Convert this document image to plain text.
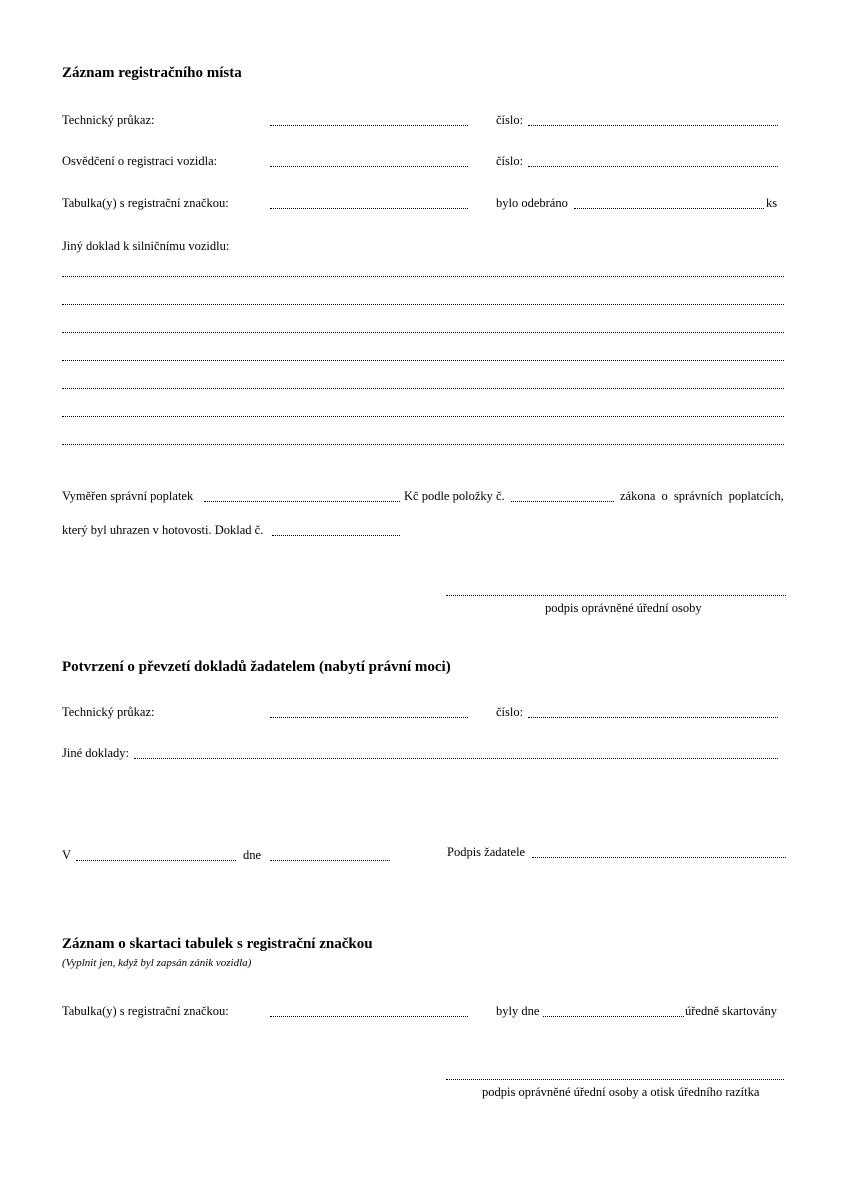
Záznam registračního místa
Technický průkaz:	číslo:
Osvědčení o registraci vozidla:	číslo:
Tabulka(y) s registrační značkou:	bylo odebráno	ks
Jiný doklad k silničnímu vozidlu:
Vyměřen správní poplatek	Kč podle položky č.	zákona o správních poplatcích,
který byl uhrazen v hotovosti. Doklad č.
podpis oprávněné úřední osoby
Potvrzení o převzetí dokladů žadatelem (nabytí právní moci)
Technický průkaz:	číslo:
Jiné doklady:
V	dne	Podpis žadatele
Záznam o skartaci tabulek s registrační značkou
(Vyplnit jen, když byl zapsán zánik vozidla)
Tabulka(y) s registrační značkou:	byly dne	úředně skartovány
podpis oprávněné úřední osoby a otisk úředního razítka
